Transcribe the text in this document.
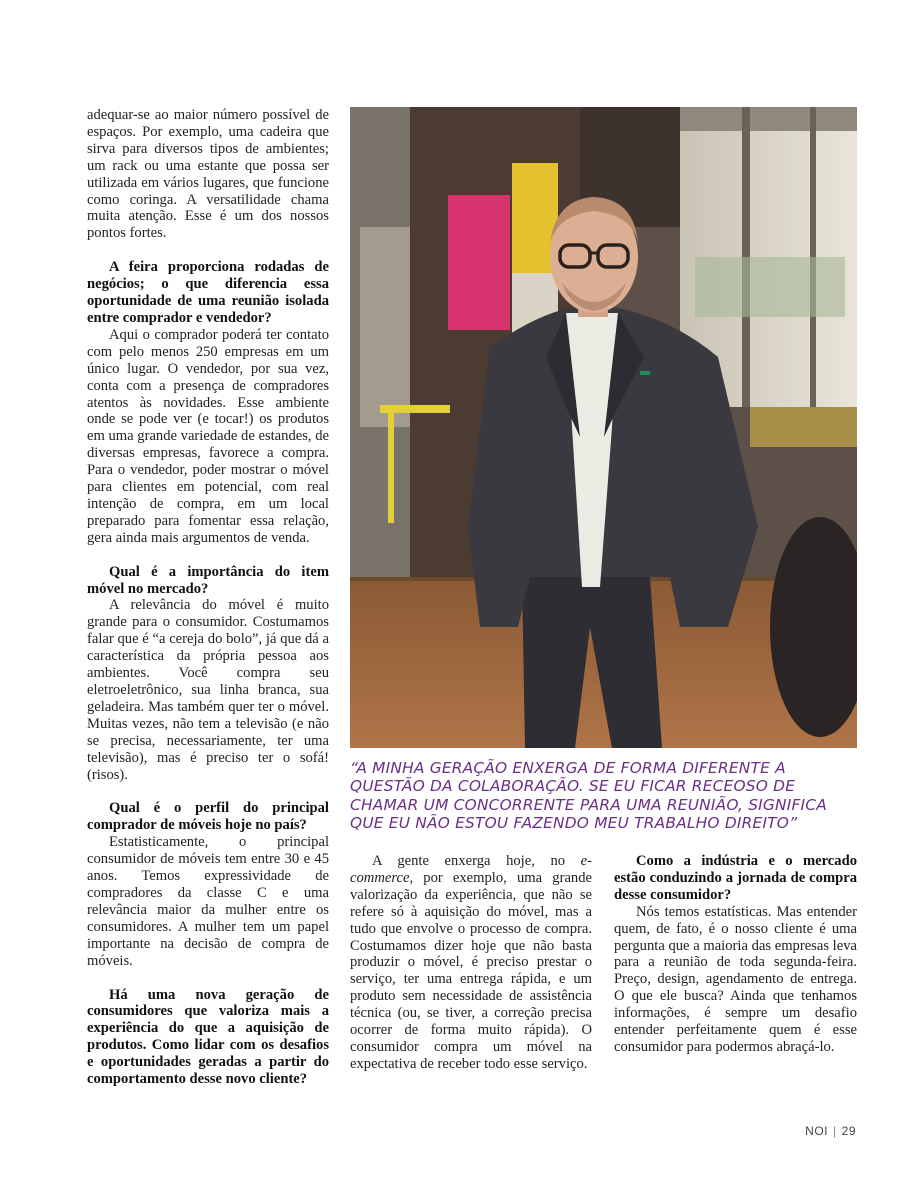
adequar-se ao maior número possível de espaços. Por exemplo, uma cadeira que sirva para diversos tipos de ambientes; um rack ou uma estante que possa ser utilizada em vários lugares, que funcione como coringa. A versatilidade chama muita atenção. Esse é um dos nossos pontos fortes.

A feira proporciona rodadas de negócios; o que diferencia essa oportunidade de uma reunião isolada entre comprador e vendedor?

Aqui o comprador poderá ter contato com pelo menos 250 empresas em um único lugar. O vendedor, por sua vez, conta com a presença de compradores atentos às novidades. Esse ambiente onde se pode ver (e tocar!) os produtos em uma grande variedade de estandes, de diversas empresas, favorece a compra. Para o vendedor, poder mostrar o móvel para clientes em potencial, com real intenção de compra, em um local preparado para fomentar essa relação, gera ainda mais argumentos de venda.

Qual é a importância do item móvel no mercado?

A relevância do móvel é muito grande para o consumidor. Costumamos falar que é “a cereja do bolo”, já que dá a característica da própria pessoa aos ambientes. Você compra seu eletroeletrônico, sua linha branca, sua geladeira. Mas também quer ter o móvel. Muitas vezes, não tem a televisão (e não se precisa, necessariamente, ter uma televisão), mas é preciso ter o sofá! (risos).

Qual é o perfil do principal comprador de móveis hoje no país?

Estatisticamente, o principal consumidor de móveis tem entre 30 e 45 anos. Temos expressividade de compradores da classe C e uma relevância maior da mulher entre os consumidores. A mulher tem um papel importante na decisão de compra de móveis.

Há uma nova geração de consumidores que valoriza mais a experiência do que a aquisição de produtos. Como lidar com os desafios e oportunidades geradas a partir do comportamento desse novo cliente?

“A MINHA GERAÇÃO ENXERGA DE FORMA DIFERENTE A QUESTÃO DA COLABORAÇÃO. SE EU FICAR RECEOSO DE CHAMAR UM CONCORRENTE PARA UMA REUNIÃO, SIGNIFICA QUE EU NÃO ESTOU FAZENDO MEU TRABALHO DIREITO”

A gente enxerga hoje, no e-commerce, por exemplo, uma grande valorização da experiência, que não se refere só à aquisição do móvel, mas a tudo que envolve o processo de compra. Costumamos dizer hoje que não basta produzir o móvel, é preciso prestar o serviço, ter uma entrega rápida, e um produto sem necessidade de assistência técnica (ou, se tiver, a correção precisa ocorrer de forma muito rápida). O consumidor compra um móvel na expectativa de receber todo esse serviço.

Como a indústria e o mercado estão conduzindo a jornada de compra desse consumidor?

Nós temos estatísticas. Mas entender quem, de fato, é o nosso cliente é uma pergunta que a maioria das empresas leva para a reunião de toda segunda-feira. Preço, design, agendamento de entrega. O que ele busca? Ainda que tenhamos informações, é sempre um desafio entender perfeitamente quem é esse consumidor para podermos abraçá-lo.

NOI | 29
